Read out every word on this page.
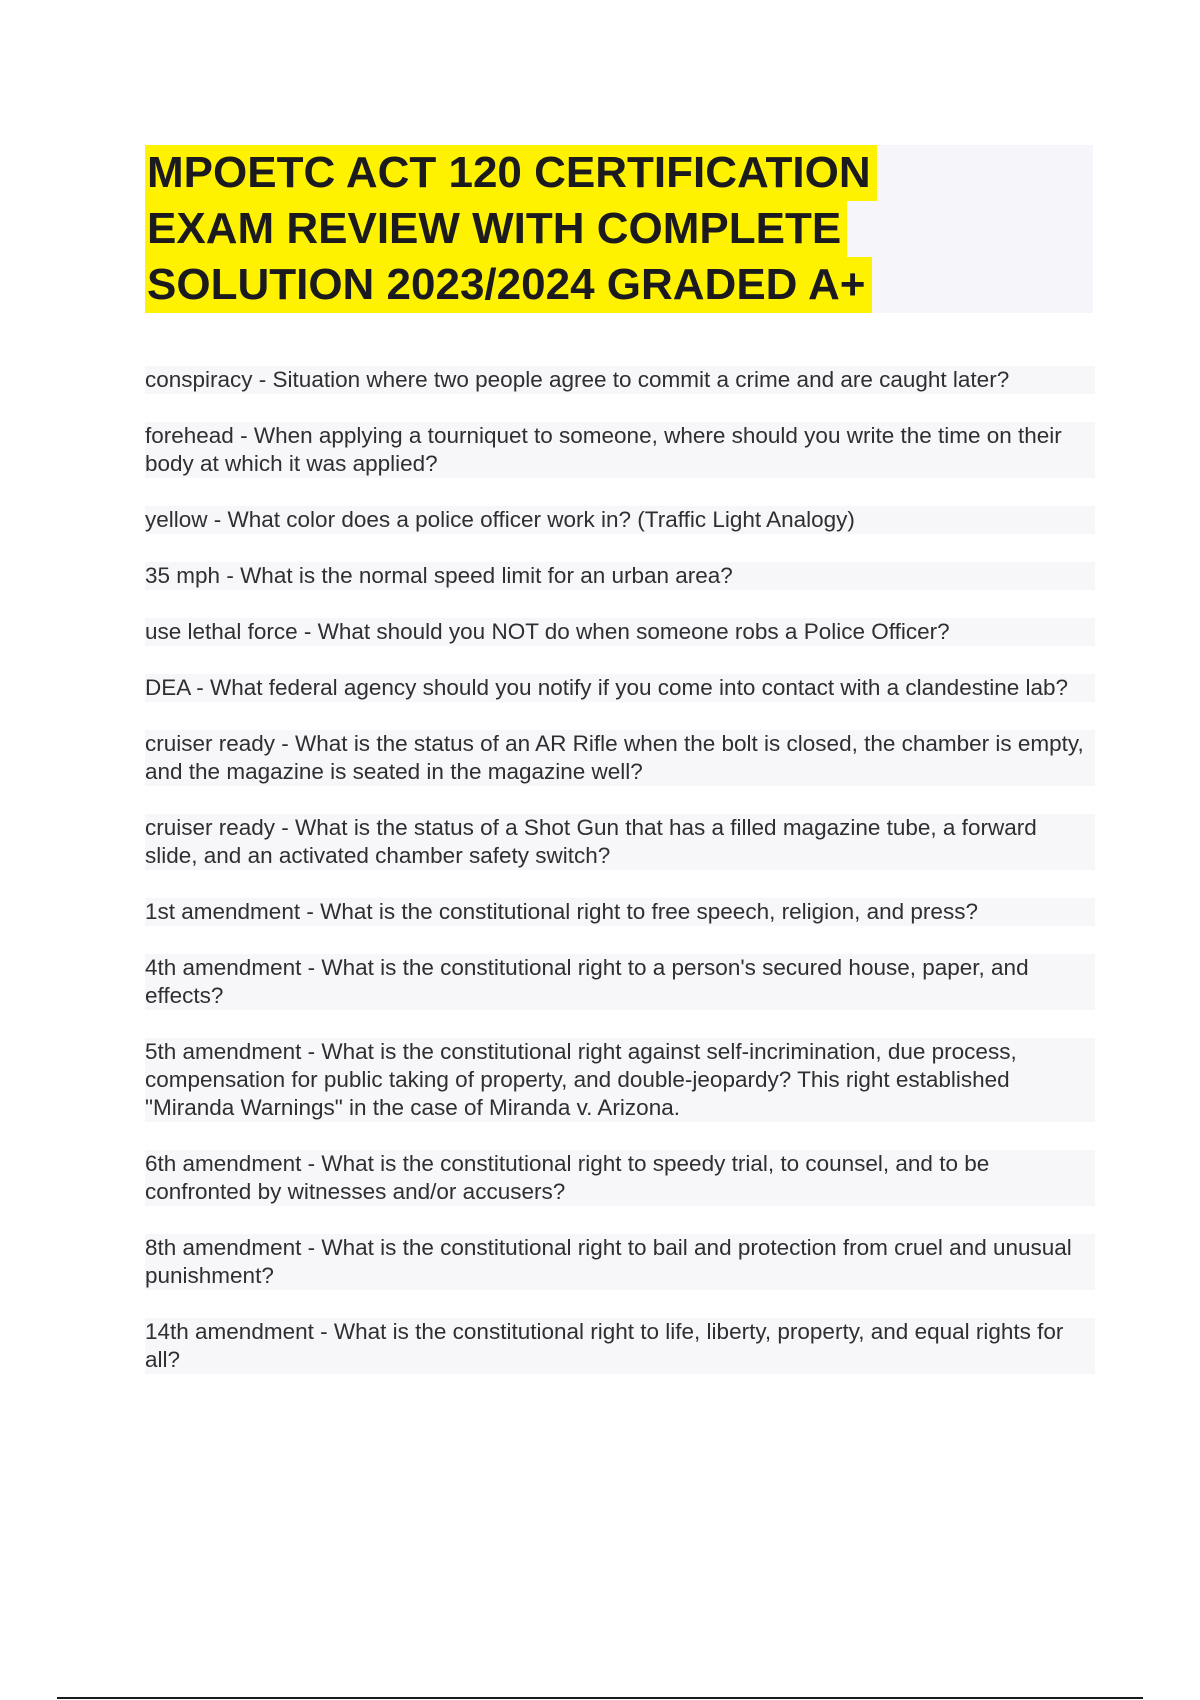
MPOETC ACT 120 CERTIFICATION
EXAM REVIEW WITH COMPLETE
SOLUTION 2023/2024 GRADED A+

conspiracy - Situation where two people agree to commit a crime and are caught later?

forehead - When applying a tourniquet to someone, where should you write the time on their body at which it was applied?

yellow - What color does a police officer work in? (Traffic Light Analogy)

35 mph - What is the normal speed limit for an urban area?

use lethal force - What should you NOT do when someone robs a Police Officer?

DEA - What federal agency should you notify if you come into contact with a clandestine lab?

cruiser ready - What is the status of an AR Rifle when the bolt is closed, the chamber is empty, and the magazine is seated in the magazine well?

cruiser ready - What is the status of a Shot Gun that has a filled magazine tube, a forward slide, and an activated chamber safety switch?

1st amendment - What is the constitutional right to free speech, religion, and press?

4th amendment - What is the constitutional right to a person's secured house, paper, and effects?

5th amendment - What is the constitutional right against self-incrimination, due process, compensation for public taking of property, and double-jeopardy? This right established "Miranda Warnings" in the case of Miranda v. Arizona.

6th amendment - What is the constitutional right to speedy trial, to counsel, and to be confronted by witnesses and/or accusers?

8th amendment - What is the constitutional right to bail and protection from cruel and unusual punishment?

14th amendment - What is the constitutional right to life, liberty, property, and equal rights for all?
